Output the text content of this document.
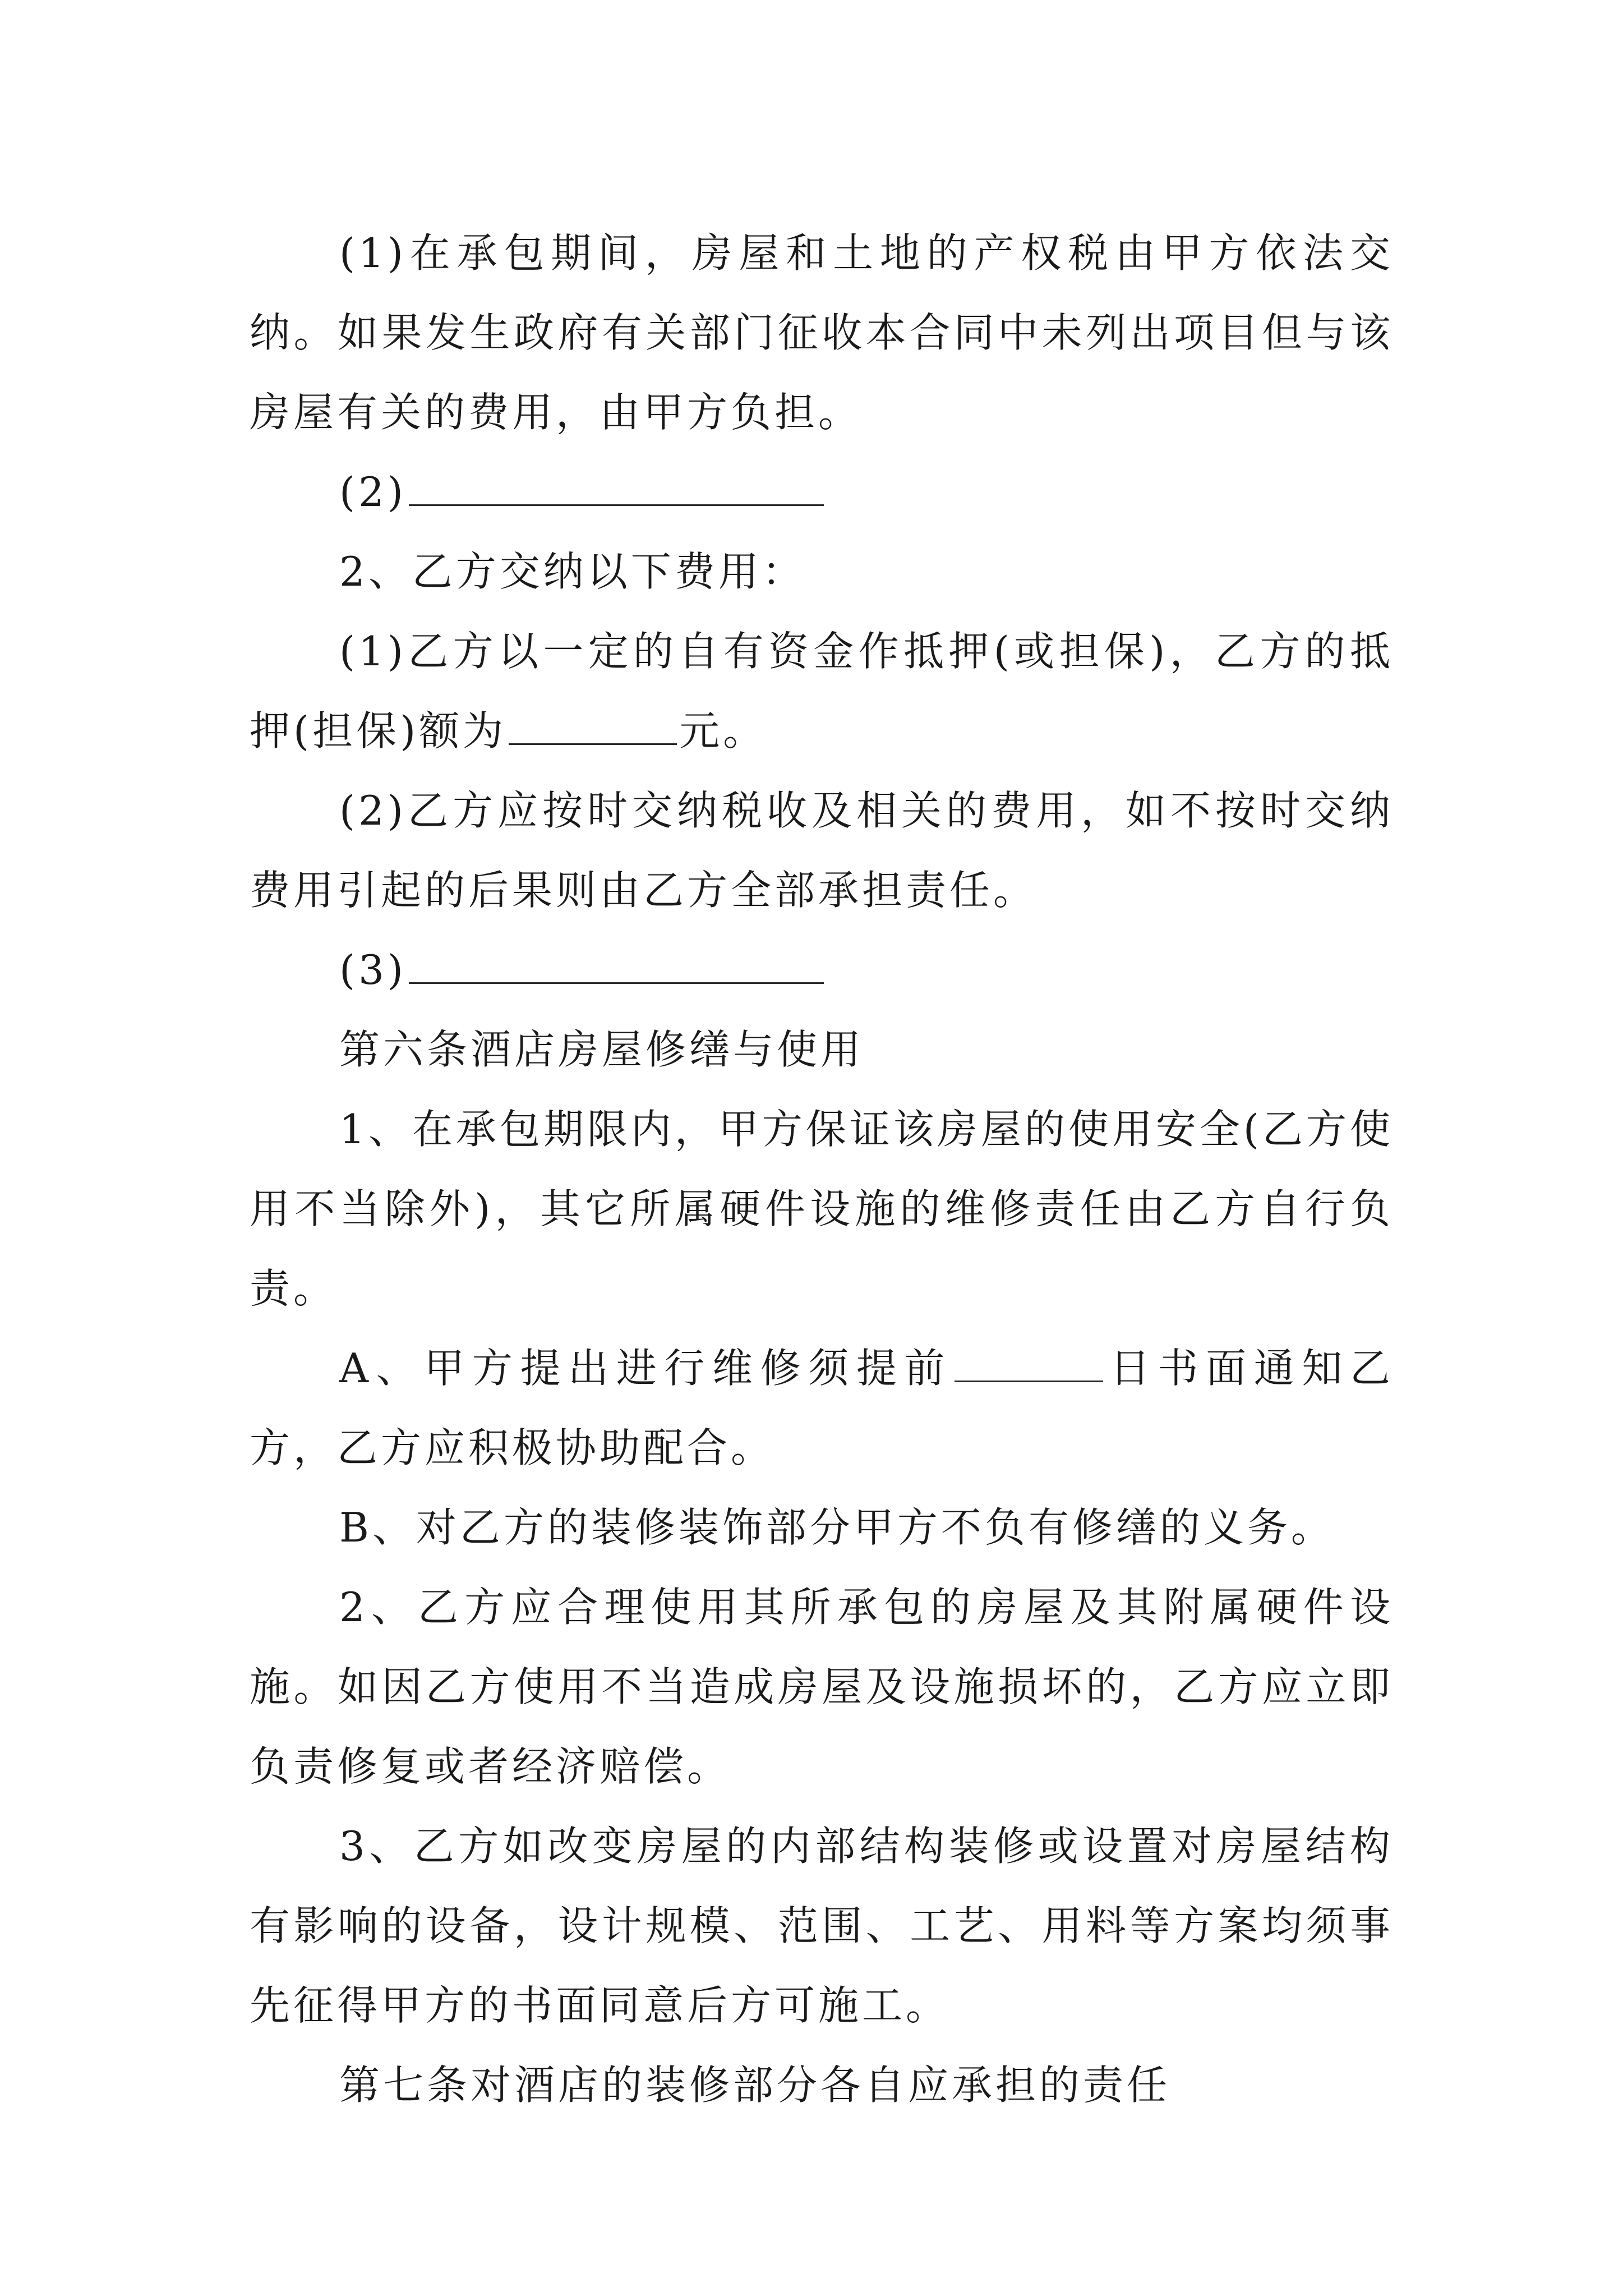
(1)在承包期间，房屋和土地的产权税由甲方依法交纳。如果发生政府有关部门征收本合同中未列出项目但与该房屋有关的费用，由甲方负担。

(2)

2、乙方交纳以下费用：

(1)乙方以一定的自有资金作抵押(或担保)，乙方的抵押(担保)额为	元。

(2)乙方应按时交纳税收及相关的费用，如不按时交纳费用引起的后果则由乙方全部承担责任。

(3)

第六条酒店房屋修缮与使用

1、在承包期限内，甲方保证该房屋的使用安全(乙方使用不当除外)，其它所属硬件设施的维修责任由乙方自行负责。

A、甲方提出进行维修须提前	日书面通知乙方，乙方应积极协助配合。

B、对乙方的装修装饰部分甲方不负有修缮的义务。

2、乙方应合理使用其所承包的房屋及其附属硬件设施。如因乙方使用不当造成房屋及设施损坏的，乙方应立即负责修复或者经济赔偿。

3、乙方如改变房屋的内部结构装修或设置对房屋结构有影响的设备，设计规模、范围、工艺、用料等方案均须事先征得甲方的书面同意后方可施工。

第七条对酒店的装修部分各自应承担的责任
